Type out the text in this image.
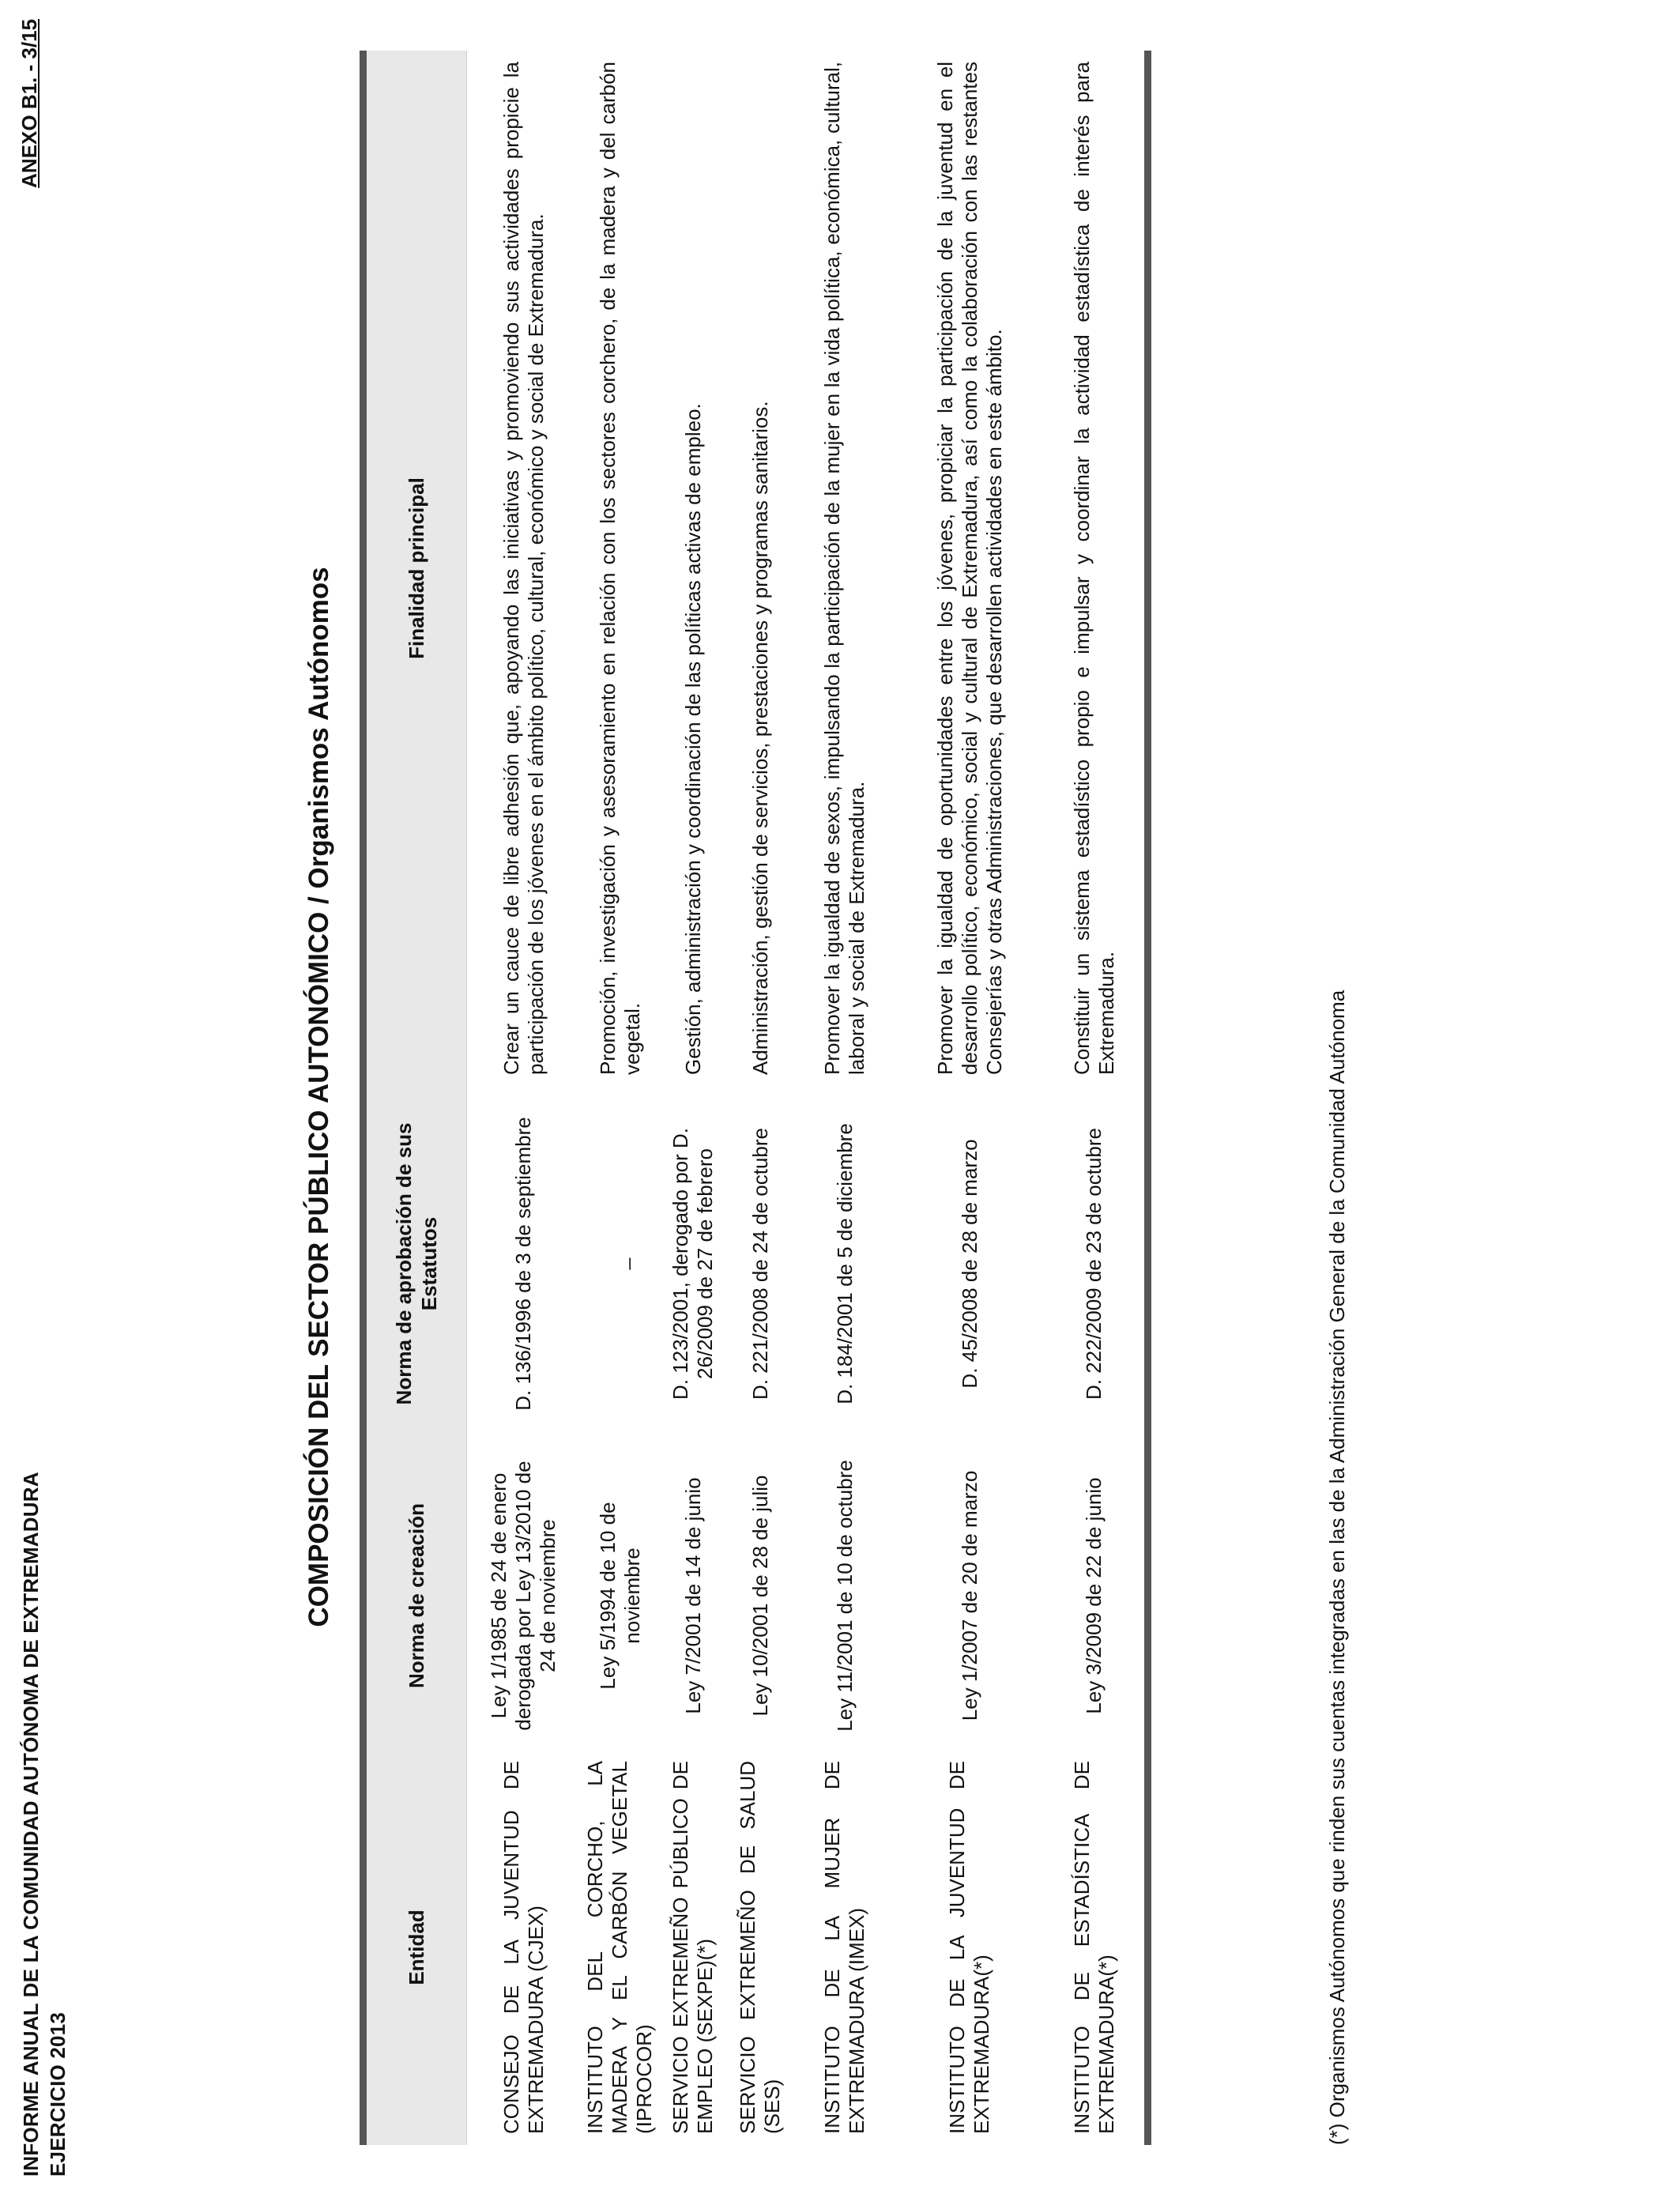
INFORME ANUAL DE LA COMUNIDAD AUTÓNOMA DE EXTREMADURA EJERCICIO 2013
ANEXO B1. - 3/15
COMPOSICIÓN DEL SECTOR PÚBLICO AUTONÓMICO / Organismos Autónomos
Entidad
Norma de creación
Norma de aprobación de sus Estatutos
Finalidad principal
CONSEJO DE LA JUVENTUD DE EXTREMADURA (CJEX)
Ley 1/1985 de 24 de enero derogada por Ley 13/2010 de 24 de noviembre
D. 136/1996 de 3 de septiembre
Crear un cauce de libre adhesión que, apoyando las iniciativas y promoviendo sus actividades propicie la participación de los jóvenes en el ámbito político, cultural, económico y social de Extremadura.
INSTITUTO DEL CORCHO, LA MADERA Y EL CARBÓN VEGETAL (IPROCOR)
Ley 5/1994 de 10 de noviembre
_
Promoción, investigación y asesoramiento en relación con los sectores corchero, de la madera y del carbón vegetal.
SERVICIO EXTREMEÑO PÚBLICO DE EMPLEO (SEXPE)(*)
Ley 7/2001 de 14 de junio
D. 123/2001, derogado por D. 26/2009 de 27 de febrero
Gestión, administración y coordinación de las políticas activas de empleo.
SERVICIO EXTREMEÑO DE SALUD (SES)
Ley 10/2001 de 28 de julio
D. 221/2008 de 24 de octubre
Administración, gestión de servicios, prestaciones y programas sanitarios.
INSTITUTO DE LA MUJER DE EXTREMADURA (IMEX)
Ley 11/2001 de 10 de octubre
D. 184/2001 de 5 de diciembre
Promover la igualdad de sexos, impulsando la participación de la mujer en la vida política, económica, cultural, laboral y social de Extremadura.
INSTITUTO DE LA JUVENTUD DE EXTREMADURA(*)
Ley 1/2007 de 20 de marzo
D. 45/2008 de 28 de marzo
Promover la igualdad de oportunidades entre los jóvenes, propiciar la participación de la juventud en el desarrollo político, económico, social y cultural de Extremadura, así como la colaboración con las restantes Consejerías y otras Administraciones, que desarrollen actividades en este ámbito.
INSTITUTO DE ESTADÍSTICA DE EXTREMADURA(*)
Ley 3/2009 de 22 de junio
D. 222/2009 de 23 de octubre
Constituir un sistema estadístico propio e impulsar y coordinar la actividad estadística de interés para Extremadura.	(*) Organismos Autónomos que rinden sus cuentas integradas en las de la Administración General de la Comunidad Autónoma
